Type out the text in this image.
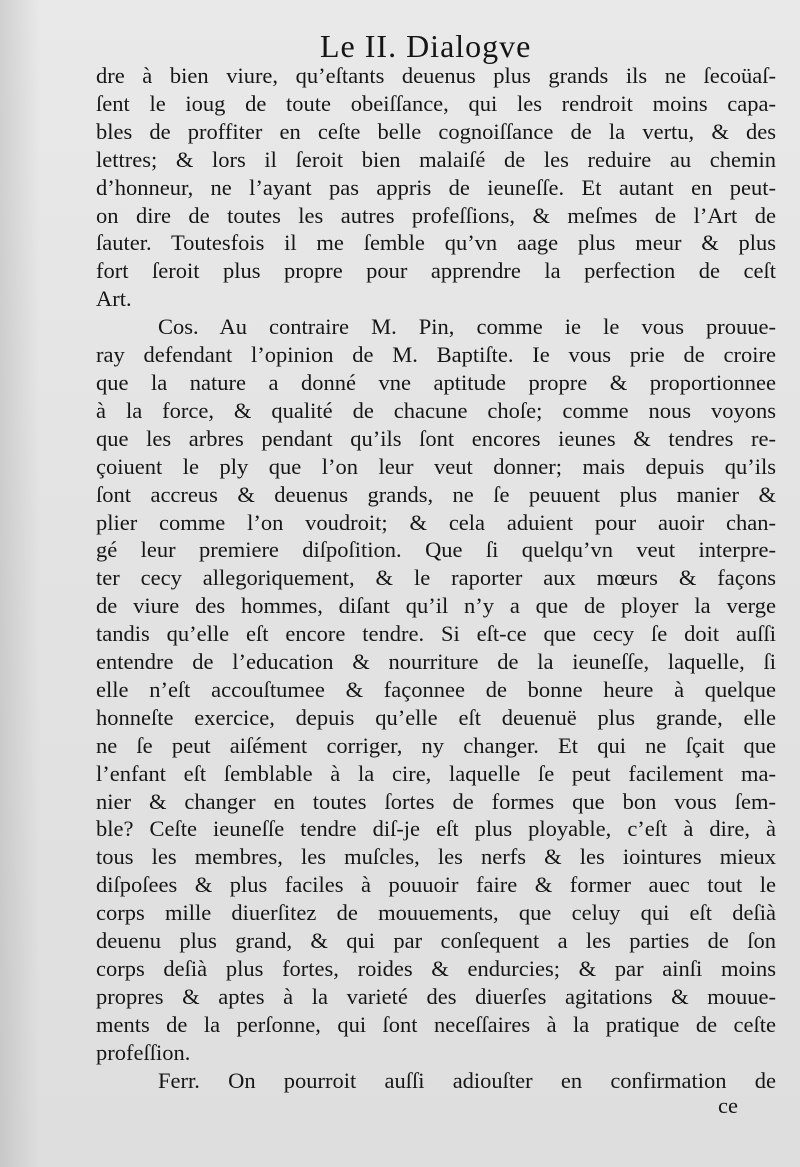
Le II. Dialogve
dre à bien viure, qu’eſtants deuenus plus grands ils ne ſecoüaſ-
ſent le ioug de toute obeiſſance, qui les rendroit moins capa-
bles de proffiter en ceſte belle cognoiſſance de la vertu, & des
lettres; & lors il ſeroit bien malaiſé de les reduire au chemin
d’honneur, ne l’ayant pas appris de ieuneſſe. Et autant en peut-
on dire de toutes les autres profeſſions, & meſmes de l’Art de
ſauter. Toutesfois il me ſemble qu’vn aage plus meur & plus
fort ſeroit plus propre pour apprendre la perfection de ceſt
Art.
Cos. Au contraire M. Pin, comme ie le vous prouue-
ray defendant l’opinion de M. Baptiſte. Ie vous prie de croire
que la nature a donné vne aptitude propre & proportionnee
à la force, & qualité de chacune choſe; comme nous voyons
que les arbres pendant qu’ils ſont encores ieunes & tendres re-
çoiuent le ply que l’on leur veut donner; mais depuis qu’ils
ſont accreus & deuenus grands, ne ſe peuuent plus manier &
plier comme l’on voudroit; & cela aduient pour auoir chan-
gé leur premiere diſpoſition. Que ſi quelqu’vn veut interpre-
ter cecy allegoriquement, & le raporter aux mœurs & façons
de viure des hommes, diſant qu’il n’y a que de ployer la verge
tandis qu’elle eſt encore tendre. Si eſt-ce que cecy ſe doit auſſi
entendre de l’education & nourriture de la ieuneſſe, laquelle, ſi
elle n’eſt accouſtumee & façonnee de bonne heure à quelque
honneſte exercice, depuis qu’elle eſt deuenuë plus grande, elle
ne ſe peut aiſément corriger, ny changer. Et qui ne ſçait que
l’enfant eſt ſemblable à la cire, laquelle ſe peut facilement ma-
nier & changer en toutes ſortes de formes que bon vous ſem-
ble? Ceſte ieuneſſe tendre diſ-je eſt plus ployable, c’eſt à dire, à
tous les membres, les muſcles, les nerfs & les iointures mieux
diſpoſees & plus faciles à pouuoir faire & former auec tout le
corps mille diuerſitez de mouuements, que celuy qui eſt deſià
deuenu plus grand, & qui par conſequent a les parties de ſon
corps deſià plus fortes, roides & endurcies; & par ainſi moins
propres & aptes à la varieté des diuerſes agitations & mouue-
ments de la perſonne, qui ſont neceſſaires à la pratique de ceſte
profeſſion.
Ferr. On pourroit auſſi adiouſter en confirmation de
ce
